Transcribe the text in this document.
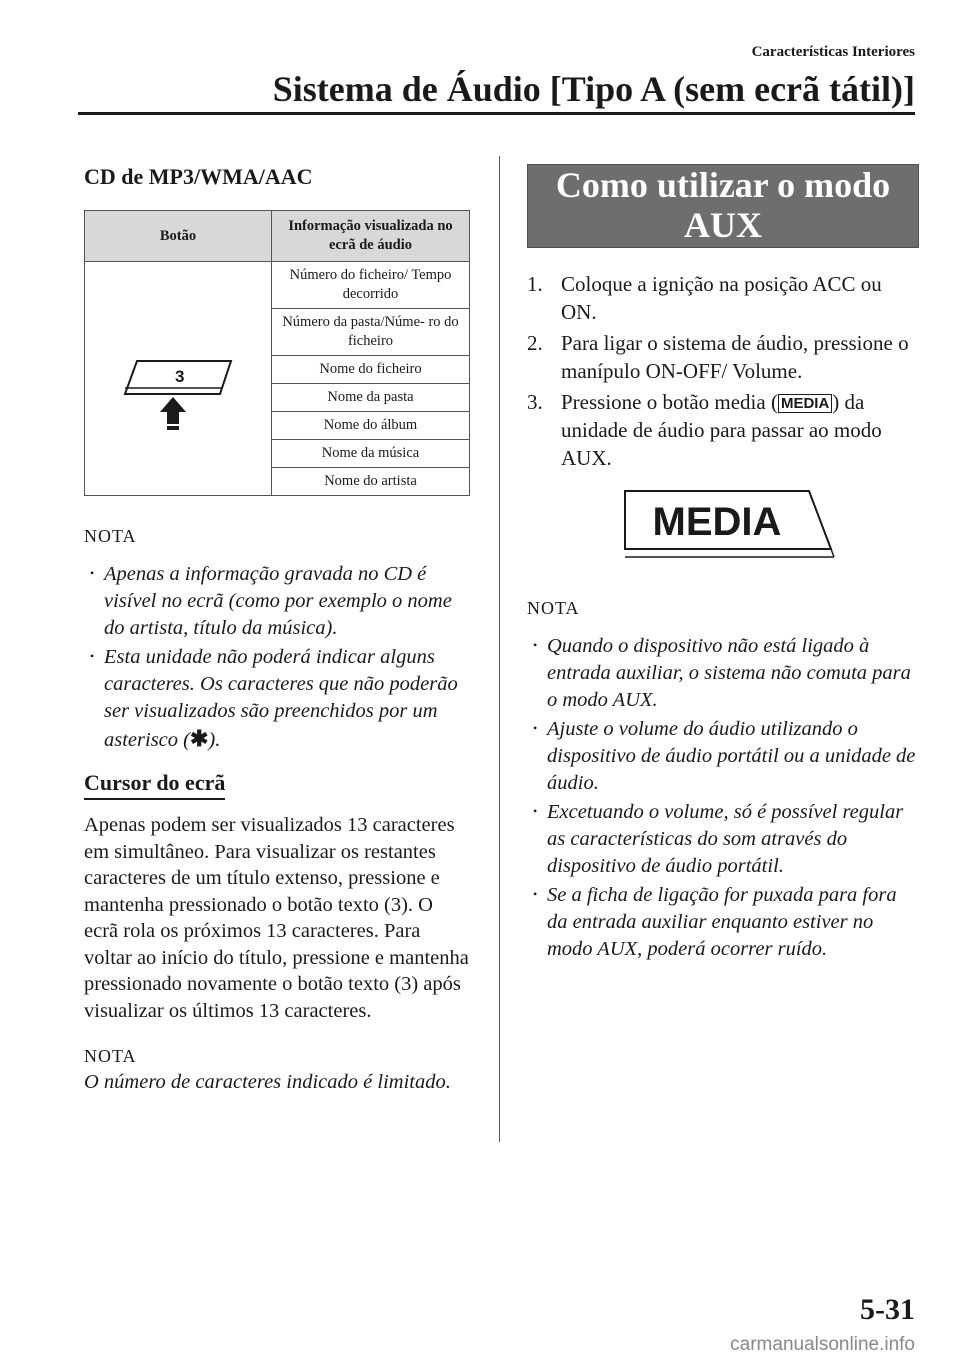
Características Interiores
Sistema de Áudio [Tipo A (sem ecrã tátil)]
CD de MP3/WMA/AAC
Botão	Informação visualizada no ecrã de áudio

3	Número do ficheiro/ Tempo decorrido
	Número da pasta/Núme- ro do ficheiro
	Nome do ficheiro
	Nome da pasta
	Nome do álbum
	Nome da música
	Nome do artista
NOTA
• Apenas a informação gravada no CD é visível no ecrã (como por exemplo o nome do artista, título da música).
• Esta unidade não poderá indicar alguns caracteres. Os caracteres que não poderão ser visualizados são preenchidos por um asterisco (✱).
Cursor do ecrã

Apenas podem ser visualizados 13 caracteres em simultâneo. Para visualizar os restantes caracteres de um título extenso, pressione e mantenha pressionado o botão texto (3). O ecrã rola os próximos 13 caracteres. Para voltar ao início do título, pressione e mantenha pressionado novamente o botão texto (3) após visualizar os últimos 13 caracteres.

NOTA

O número de caracteres indicado é limitado.

Como utilizar o modo
AUX
1. Coloque a ignição na posição ACC ou ON.
2. Para ligar o sistema de áudio, pressione o manípulo ON-OFF/ Volume.
3. Pressione o botão media ( MEDIA ) da unidade de áudio para passar ao modo AUX.
MEDIA
NOTA
• Quando o dispositivo não está ligado à entrada auxiliar, o sistema não comuta para o modo AUX.
• Ajuste o volume do áudio utilizando o dispositivo de áudio portátil ou a unidade de áudio.
• Excetuando o volume, só é possível regular as características do som através do dispositivo de áudio portátil.
• Se a ficha de ligação for puxada para fora da entrada auxiliar enquanto estiver no modo AUX, poderá ocorrer ruído.
5-31
carmanualsonline.info
